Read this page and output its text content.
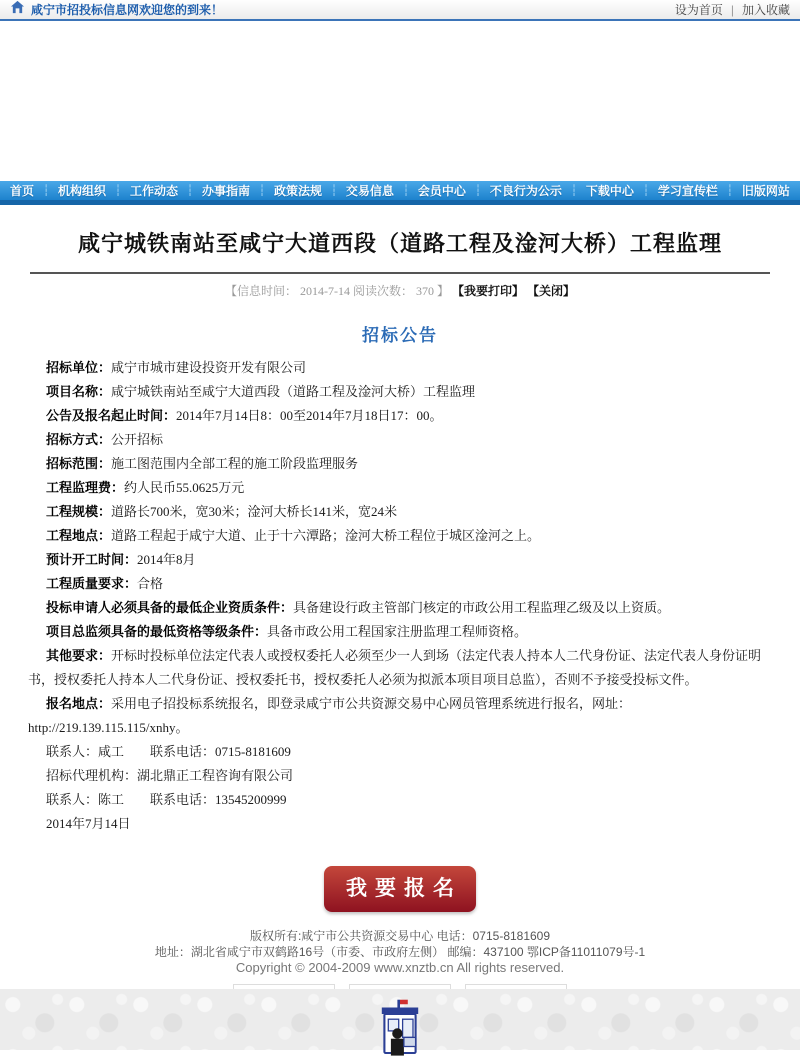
咸宁市招投标信息网欢迎您的到来！	设为首页 | 加入收藏
首页 ┆ 机构组织 ┆ 工作动态 ┆ 办事指南 ┆ 政策法规 ┆ 交易信息 ┆ 会员中心 ┆ 不良行为公示 ┆ 下载中心 ┆ 学习宣传栏 ┆ 旧版网站
咸宁城铁南站至咸宁大道西段（道路工程及淦河大桥）工程监理
【信息时间： 2014-7-14 阅读次数： 370 】 【我要打印】 【关闭】
招标公告

招标单位：咸宁市城市建设投资开发有限公司

项目名称：咸宁城铁南站至咸宁大道西段（道路工程及淦河大桥）工程监理

公告及报名起止时间：2014年7月14日8：00至2014年7月18日17：00。

招标方式：公开招标

招标范围：施工图范围内全部工程的施工阶段监理服务

工程监理费：约人民币55.0625万元

工程规模：道路长700米，宽30米；淦河大桥长141米，宽24米

工程地点：道路工程起于咸宁大道、止于十六潭路；淦河大桥工程位于城区淦河之上。

预计开工时间：2014年8月

工程质量要求：合格

投标申请人必须具备的最低企业资质条件：具备建设行政主管部门核定的市政公用工程监理乙级及以上资质。

项目总监须具备的最低资格等级条件：具备市政公用工程国家注册监理工程师资格。

其他要求：开标时投标单位法定代表人或授权委托人必须至少一人到场（法定代表人持本人二代身份证、法定代表人身份证明书，授权委托人持本人二代身份证、授权委托书，授权委托人必须为拟派本项目项目总监），否则不予接受投标文件。

报名地点：采用电子招投标系统报名，即登录咸宁市公共资源交易中心网员管理系统进行报名，网址：http://219.139.115.115/xnhy。

联系人：咸工　　联系电话：0715-8181609

招标代理机构：湖北鼎正工程咨询有限公司

联系人：陈工　　联系电话：13545200999

2014年7月14日

我要报名

版权所有:咸宁市公共资源交易中心 电话：0715-8181609

地址：湖北省咸宁市双鹤路16号（市委、市政府左侧） 邮编：437100 鄂ICP备11011079号-1

Copyright © 2004-2009 www.xnztb.cn All rights reserved.
